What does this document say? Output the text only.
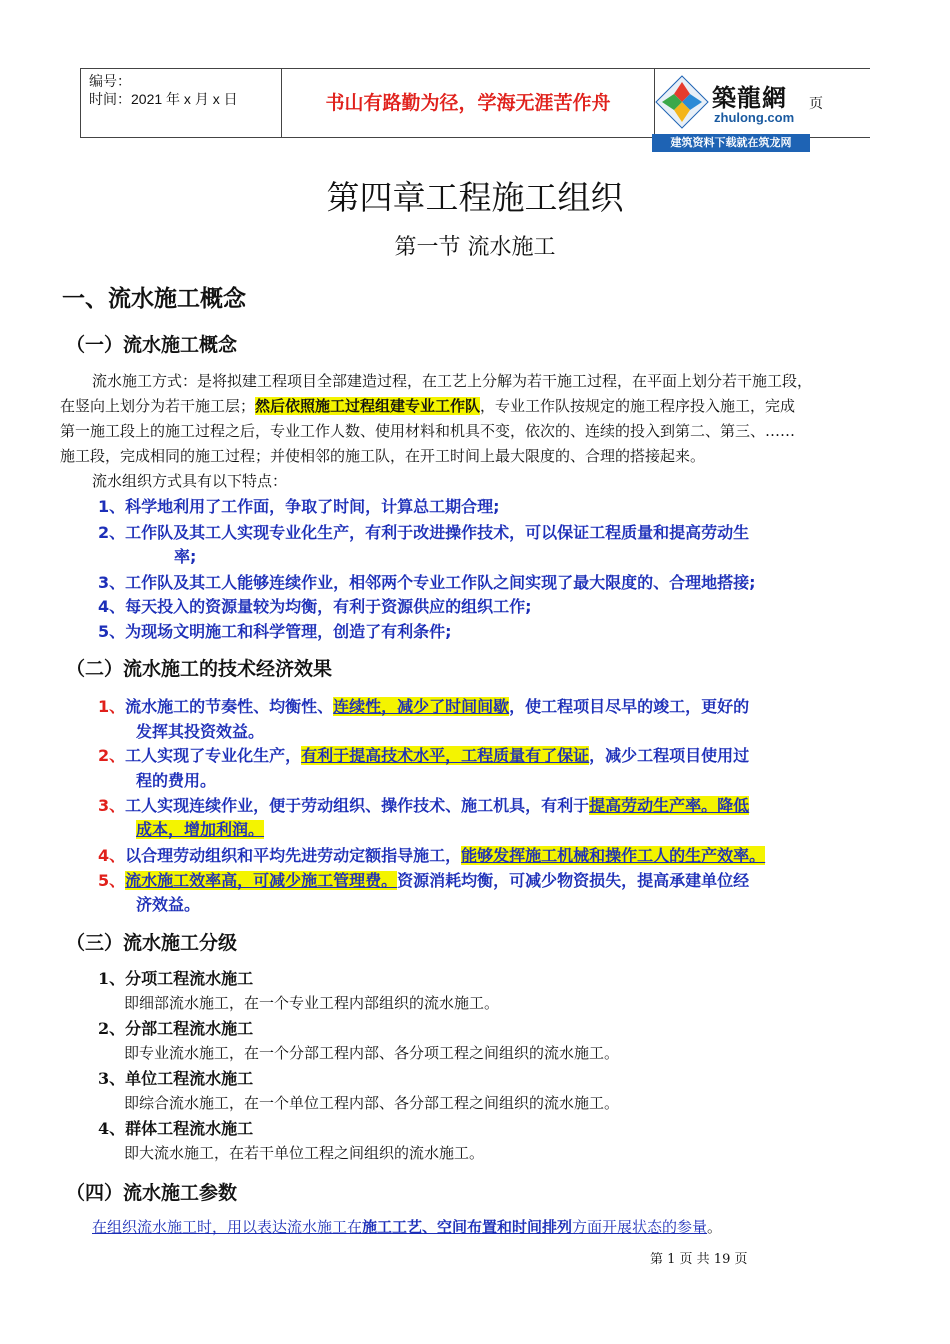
编号：
时间：2021 年 x 月 x 日	书山有路勤为径，学海无涯苦作舟	页
築龍網
zhulong.com
建筑资料下载就在筑龙网
第四章工程施工组织
第一节 流水施工
一、流水施工概念
（一）流水施工概念
流水施工方式：是将拟建工程项目全部建造过程，在工艺上分解为若干施工过程，在平面上划分若干施工段，
在竖向上划分为若干施工层；然后依照施工过程组建专业工作队，专业工作队按规定的施工程序投入施工，完成
第一施工段上的施工过程之后，专业工作人数、使用材料和机具不变，依次的、连续的投入到第二、第三、……
施工段，完成相同的施工过程；并使相邻的施工队，在开工时间上最大限度的、合理的搭接起来。
流水组织方式具有以下特点：
1、科学地利用了工作面，争取了时间，计算总工期合理;
2、工作队及其工人实现专业化生产，有利于改进操作技术，可以保证工程质量和提高劳动生
率;
3、工作队及其工人能够连续作业，相邻两个专业工作队之间实现了最大限度的、合理地搭接;
4、每天投入的资源量较为均衡，有利于资源供应的组织工作;
5、为现场文明施工和科学管理，创造了有利条件;
（二）流水施工的技术经济效果
1、流水施工的节奏性、均衡性、连续性，减少了时间间歇，使工程项目尽早的竣工，更好的
发挥其投资效益。
2、工人实现了专业化生产，有利于提高技术水平，工程质量有了保证，减少工程项目使用过
程的费用。
3、工人实现连续作业，便于劳动组织、操作技术、施工机具，有利于提高劳动生产率。降低
成本，增加利润。
4、以合理劳动组织和平均先进劳动定额指导施工，能够发挥施工机械和操作工人的生产效率。
5、流水施工效率高，可减少施工管理费。资源消耗均衡，可减少物资损失，提高承建单位经
济效益。
（三）流水施工分级
1、分项工程流水施工
即细部流水施工，在一个专业工程内部组织的流水施工。
2、分部工程流水施工
即专业流水施工，在一个分部工程内部、各分项工程之间组织的流水施工。
3、单位工程流水施工
即综合流水施工，在一个单位工程内部、各分部工程之间组织的流水施工。
4、群体工程流水施工
即大流水施工，在若干单位工程之间组织的流水施工。
（四）流水施工参数
在组织流水施工时，用以表达流水施工在施工工艺、空间布置和时间排列方面开展状态的参量。
第 1 页 共 19 页
